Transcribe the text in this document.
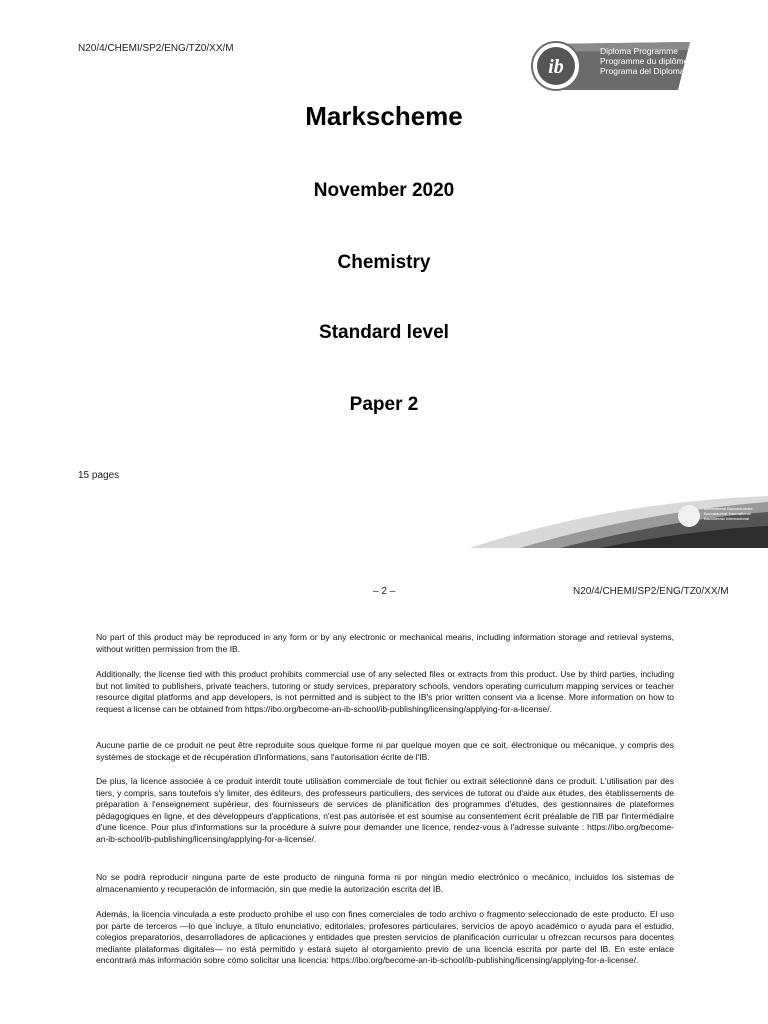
N20/4/CHEMI/SP2/ENG/TZ0/XX/M
ib
Diploma Programme
Programme du diplôme
Programa del Diploma
Markscheme
November 2020
Chemistry
Standard level
Paper 2
15 pages
International Baccalaureate
Baccalauréat International
Bachillerato Internacional
– 2 –	N20/4/CHEMI/SP2/ENG/TZ0/XX/M

No part of this product may be reproduced in any form or by any electronic or mechanical means, including information storage and retrieval systems, without written permission from the IB.

Additionally, the license tied with this product prohibits commercial use of any selected files or extracts from this product. Use by third parties, including but not limited to publishers, private teachers, tutoring or study services, preparatory schools, vendors operating curriculum mapping services or teacher resource digital platforms and app developers, is not permitted and is subject to the IB's prior written consent via a license. More information on how to request a license can be obtained from https://ibo.org/become-an-ib-school/ib-publishing/licensing/applying-for-a-license/.

Aucune partie de ce produit ne peut être reproduite sous quelque forme ni par quelque moyen que ce soit, électronique ou mécanique, y compris des systèmes de stockage et de récupération d'informations, sans l'autorisation écrite de l'IB.

De plus, la licence associée à ce produit interdit toute utilisation commerciale de tout fichier ou extrait sélectionné dans ce produit. L'utilisation par des tiers, y compris, sans toutefois s'y limiter, des éditeurs, des professeurs particuliers, des services de tutorat ou d'aide aux études, des établissements de préparation à l'enseignement supérieur, des fournisseurs de services de planification des programmes d'études, des gestionnaires de plateformes pédagogiques en ligne, et des développeurs d'applications, n'est pas autorisée et est soumise au consentement écrit préalable de l'IB par l'intermédiaire d'une licence. Pour plus d'informations sur la procédure à suivre pour demander une licence, rendez-vous à l'adresse suivante : https://ibo.org/become-an-ib-school/ib-publishing/licensing/applying-for-a-license/.

No se podrá reproducir ninguna parte de este producto de ninguna forma ni por ningún medio electrónico o mecánico, incluidos los sistemas de almacenamiento y recuperación de información, sin que medie la autorización escrita del IB.

Además, la licencia vinculada a este producto prohíbe el uso con fines comerciales de todo archivo o fragmento seleccionado de este producto. El uso por parte de terceros —lo que incluye, a título enunciativo, editoriales, profesores particulares, servicios de apoyo académico o ayuda para el estudio, colegios preparatorios, desarrolladores de aplicaciones y entidades que presten servicios de planificación curricular u ofrezcan recursos para docentes mediante plataformas digitales— no está permitido y estará sujeto al otorgamiento previo de una licencia escrita por parte del IB. En este enlace encontrará más información sobre cómo solicitar una licencia: https://ibo.org/become-an-ib-school/ib-publishing/licensing/applying-for-a-license/.
